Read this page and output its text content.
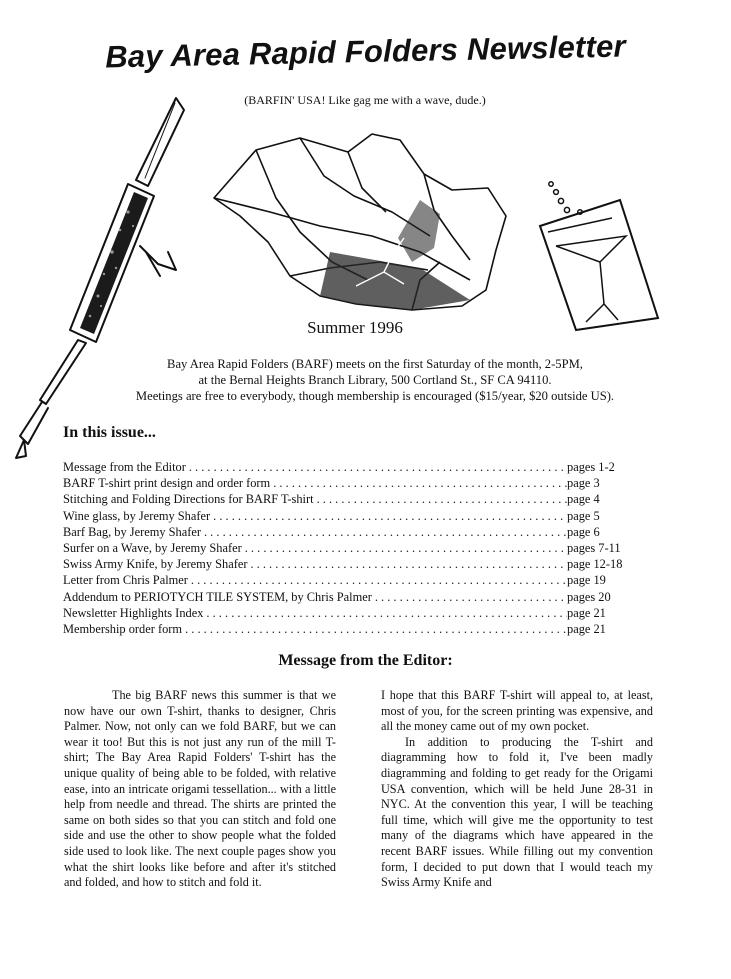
Bay Area Rapid Folders Newsletter
(BARFIN' USA! Like gag me with a wave, dude.)
Summer 1996
Bay Area Rapid Folders (BARF) meets on the first Saturday of the month, 2-5PM,
at the Bernal Heights Branch Library, 500 Cortland St., SF CA 94110.
Meetings are free to everybody, though membership is encouraged ($15/year, $20 outside US).
In this issue...
Message from the Editor . . .	pages 1-2
BARF T-shirt print design and order form . . .	page 3
Stitching and Folding Directions for BARF T-shirt . . .	page 4
Wine glass, by Jeremy Shafer . . .	page 5
Barf Bag, by Jeremy Shafer . . .	page 6
Surfer on a Wave, by Jeremy Shafer . . .	pages 7-11
Swiss Army Knife, by Jeremy Shafer . . .	page 12-18
Letter from Chris Palmer . . .	page 19
Addendum to PERIOTYCH TILE SYSTEM, by Chris Palmer . . .	pages 20
Newsletter Highlights Index . . .	page 21
Membership order form . . .	page 21
Message from the Editor:

The big BARF news this summer is that we now have our own T-shirt, thanks to designer, Chris Palmer. Now, not only can we fold BARF, but we can wear it too! But this is not just any run of the mill T-shirt; The Bay Area Rapid Folders' T-shirt has the unique quality of being able to be folded, with relative ease, into an intricate origami tessellation... with a little help from needle and thread. The shirts are printed the same on both sides so that you can stitch and fold one side and use the other to show people what the folded side used to look like. The next couple pages show you what the shirt looks like before and after it's stitched and folded, and how to stitch and fold it.

I hope that this BARF T-shirt will appeal to, at least, most of you, for the screen printing was expensive, and all the money came out of my own pocket.

In addition to producing the T-shirt and diagramming how to fold it, I've been madly diagramming and folding to get ready for the Origami USA convention, which will be held June 28-31 in NYC. At the convention this year, I will be teaching full time, which will give me the opportunity to test many of the diagrams which have appeared in the recent BARF issues. While filling out my convention form, I decided to put down that I would teach my Swiss Army Knife and
